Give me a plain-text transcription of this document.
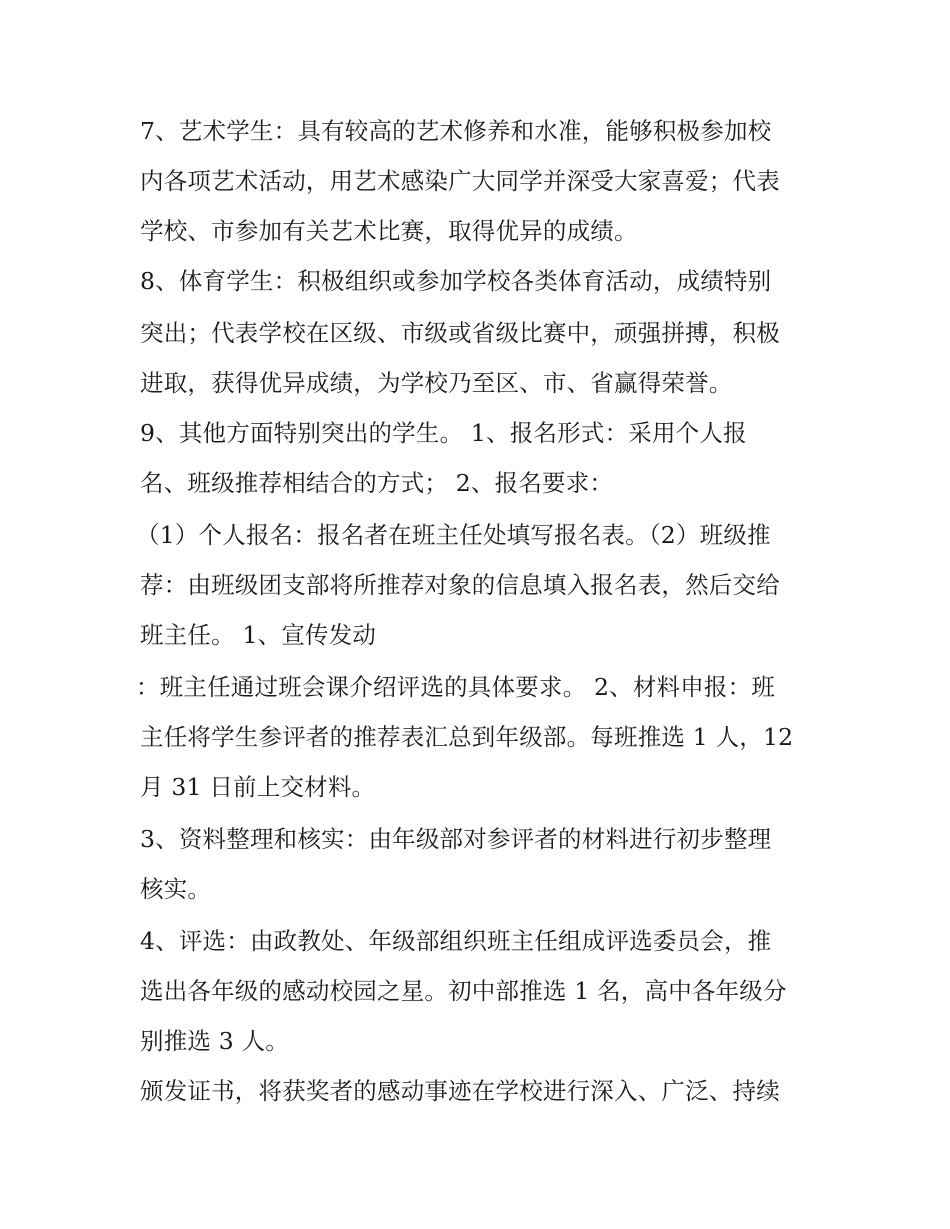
7、艺术学生：具有较高的艺术修养和水准，能够积极参加校
内各项艺术活动，用艺术感染广大同学并深受大家喜爱；代表
学校、市参加有关艺术比赛，取得优异的成绩。
8、体育学生：积极组织或参加学校各类体育活动，成绩特别
突出；代表学校在区级、市级或省级比赛中，顽强拼搏，积极
进取，获得优异成绩，为学校乃至区、市、省赢得荣誉。
9、其他方面特别突出的学生。 1、报名形式：采用个人报
名、班级推荐相结合的方式； 2、报名要求：
（1）个人报名：报名者在班主任处填写报名表。（2）班级推
荐：由班级团支部将所推荐对象的信息填入报名表，然后交给
班主任。 1、宣传发动
：班主任通过班会课介绍评选的具体要求。 2、材料申报：班
主任将学生参评者的推荐表汇总到年级部。每班推选 1 人，12
月 31 日前上交材料。
3、资料整理和核实：由年级部对参评者的材料进行初步整理
核实。
4、评选：由政教处、年级部组织班主任组成评选委员会，推
选出各年级的感动校园之星。初中部推选 1 名，高中各年级分
别推选 3 人。
颁发证书，将获奖者的感动事迹在学校进行深入、广泛、持续
